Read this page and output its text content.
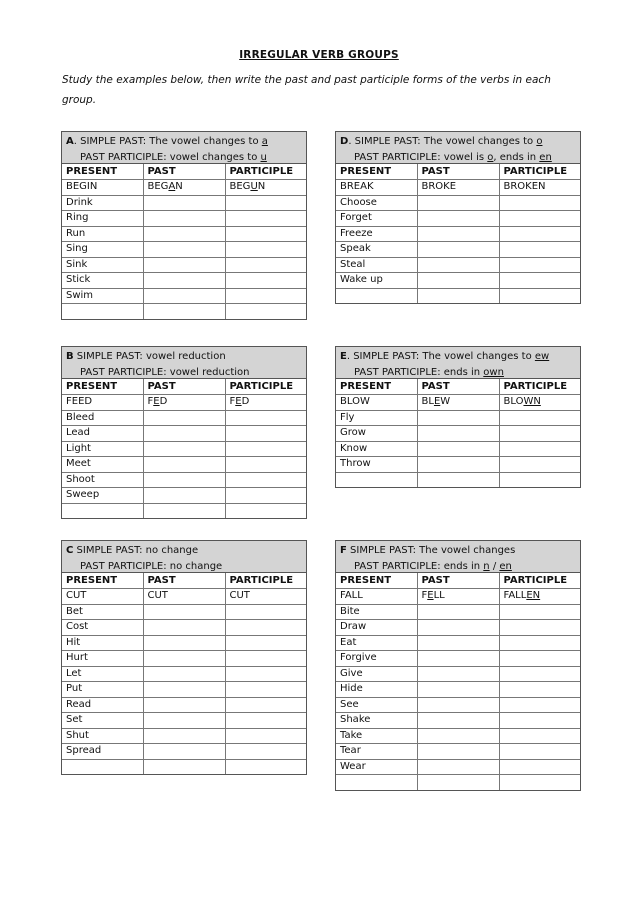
IRREGULAR VERB GROUPS
Study the examples below, then write the past and past participle forms of the verbs in each group.
A. SIMPLE PAST: The vowel changes to a
PAST PARTICIPLE: vowel changes to u
PRESENT	PAST	PARTICIPLE
BEGIN	BEGAN	BEGUN
Drink		
Ring		
Run		
Sing		
Sink		
Stick		
Swim		

D. SIMPLE PAST: The vowel changes to o
PAST PARTICIPLE: vowel is o, ends in en
PRESENT	PAST	PARTICIPLE
BREAK	BROKE	BROKEN
Choose		
Forget		
Freeze		
Speak		
Steal		
Wake up		

B SIMPLE PAST: vowel reduction
PAST PARTICIPLE: vowel reduction
PRESENT	PAST	PARTICIPLE
FEED	FED	FED
Bleed		
Lead		
Light		
Meet		
Shoot		
Sweep		

E. SIMPLE PAST: The vowel changes to ew
PAST PARTICIPLE: ends in own
PRESENT	PAST	PARTICIPLE
BLOW	BLEW	BLOWN
Fly		
Grow		
Know		
Throw		

C SIMPLE PAST: no change
PAST PARTICIPLE: no change
PRESENT	PAST	PARTICIPLE
CUT	CUT	CUT
Bet		
Cost		
Hit		
Hurt		
Let		
Put		
Read		
Set		
Shut		
Spread		

F SIMPLE PAST: The vowel changes
PAST PARTICIPLE: ends in n / en
PRESENT	PAST	PARTICIPLE
FALL	FELL	FALLEN
Bite		
Draw		
Eat		
Forgive		
Give		
Hide		
See		
Shake		
Take		
Tear		
Wear		
